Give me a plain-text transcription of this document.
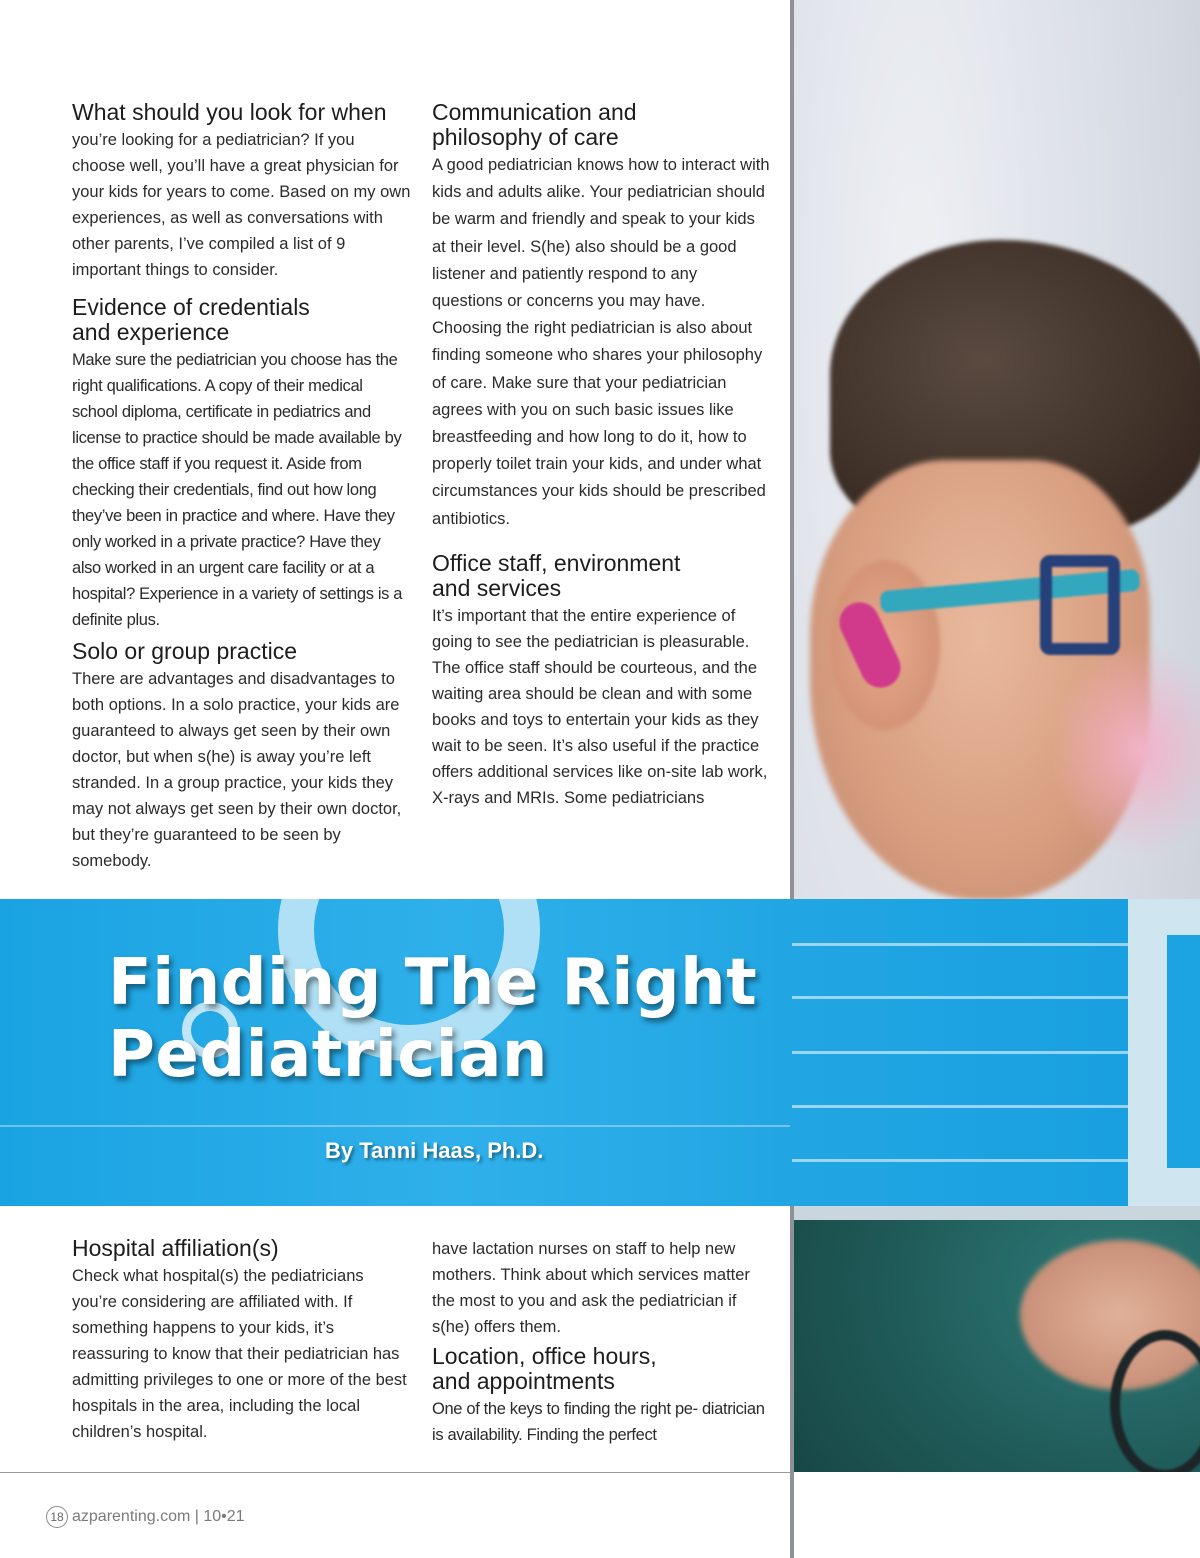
What should you look for when

you’re looking for a pediatrician? If you choose well, you’ll have a great physician for your kids for years to come. Based on my own experiences, as well as conversations with other parents, I’ve compiled a list of 9 important things to consider.

Evidence of credentials
and experience

Make sure the pediatrician you choose has the right qualifications. A copy of their medical school diploma, certificate in pediatrics and license to practice should be made available by the office staff if you request it. Aside from checking their credentials, find out how long they’ve been in practice and where. Have they only worked in a private practice? Have they also worked in an urgent care facility or at a hospital? Experience in a variety of settings is a definite plus.

Solo or group practice

There are advantages and disadvantages to both options. In a solo practice, your kids are guaranteed to always get seen by their own doctor, but when s(he) is away you’re left stranded. In a group practice, your kids they may not always get seen by their own doctor, but they’re guaranteed to be seen by somebody.

Communication and
philosophy of care

A good pediatrician knows how to interact with kids and adults alike. Your pediatrician should be warm and friendly and speak to your kids at their level. S(he) also should be a good listener and patiently respond to any questions or concerns you may have. Choosing the right pediatrician is also about finding someone who shares your philosophy of care. Make sure that your pediatrician agrees with you on such basic issues like breastfeeding and how long to do it, how to properly toilet train your kids, and under what circumstances your kids should be prescribed antibiotics.

Office staff, environment
and services

It’s important that the entire experience of going to see the pediatrician is pleasurable. The office staff should be courteous, and the waiting area should be clean and with some books and toys to entertain your kids as they wait to be seen. It’s also useful if the practice offers additional services like on-site lab work, X-rays and MRIs. Some pediatricians

Finding The Right
Pediatrician
By Tanni Haas, Ph.D.
Hospital affiliation(s)

Check what hospital(s) the pediatricians you’re considering are affiliated with. If something happens to your kids, it’s reassuring to know that their pediatrician has admitting privileges to one or more of the best hospitals in the area, including the local children’s hospital.

have lactation nurses on staff to help new mothers. Think about which services matter the most to you and ask the pediatrician if s(he) offers them.

Location, office hours,
and appointments

One of the keys to finding the right pe- diatrician is availability. Finding the perfect

18 azparenting.com | 10•21
